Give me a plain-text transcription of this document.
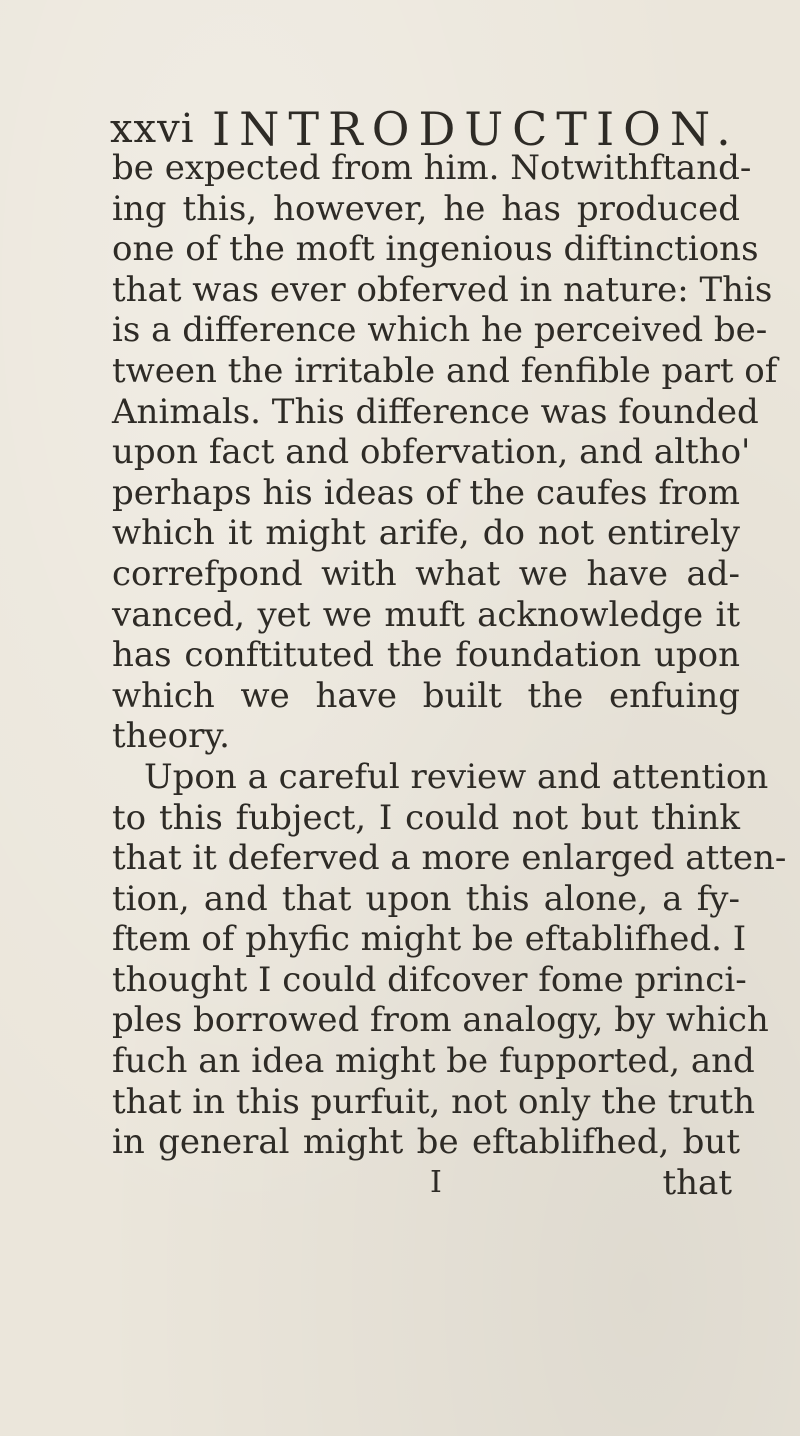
xxvi INTRODUCTION.
be expected from him. Notwithftand-
ing this, however, he has produced
one of the moft ingenious diftinctions
that was ever obferved in nature: This
is a difference which he perceived be-
tween the irritable and fenfible part of
Animals. This difference was founded
upon fact and obfervation, and altho'
perhaps his ideas of the caufes from
which it might arife, do not entirely
correfpond with what we have ad-
vanced, yet we muft acknowledge it
has conftituted the foundation upon
which we have built the enfuing
theory.
Upon a careful review and attention
to this fubject, I could not but think
that it deferved a more enlarged atten-
tion, and that upon this alone, a fy-
ftem of phyfic might be eftablifhed. I
thought I could difcover fome princi-
ples borrowed from analogy, by which
fuch an idea might be fupported, and
that in this purfuit, not only the truth
in general might be eftablifhed, but
I	that
